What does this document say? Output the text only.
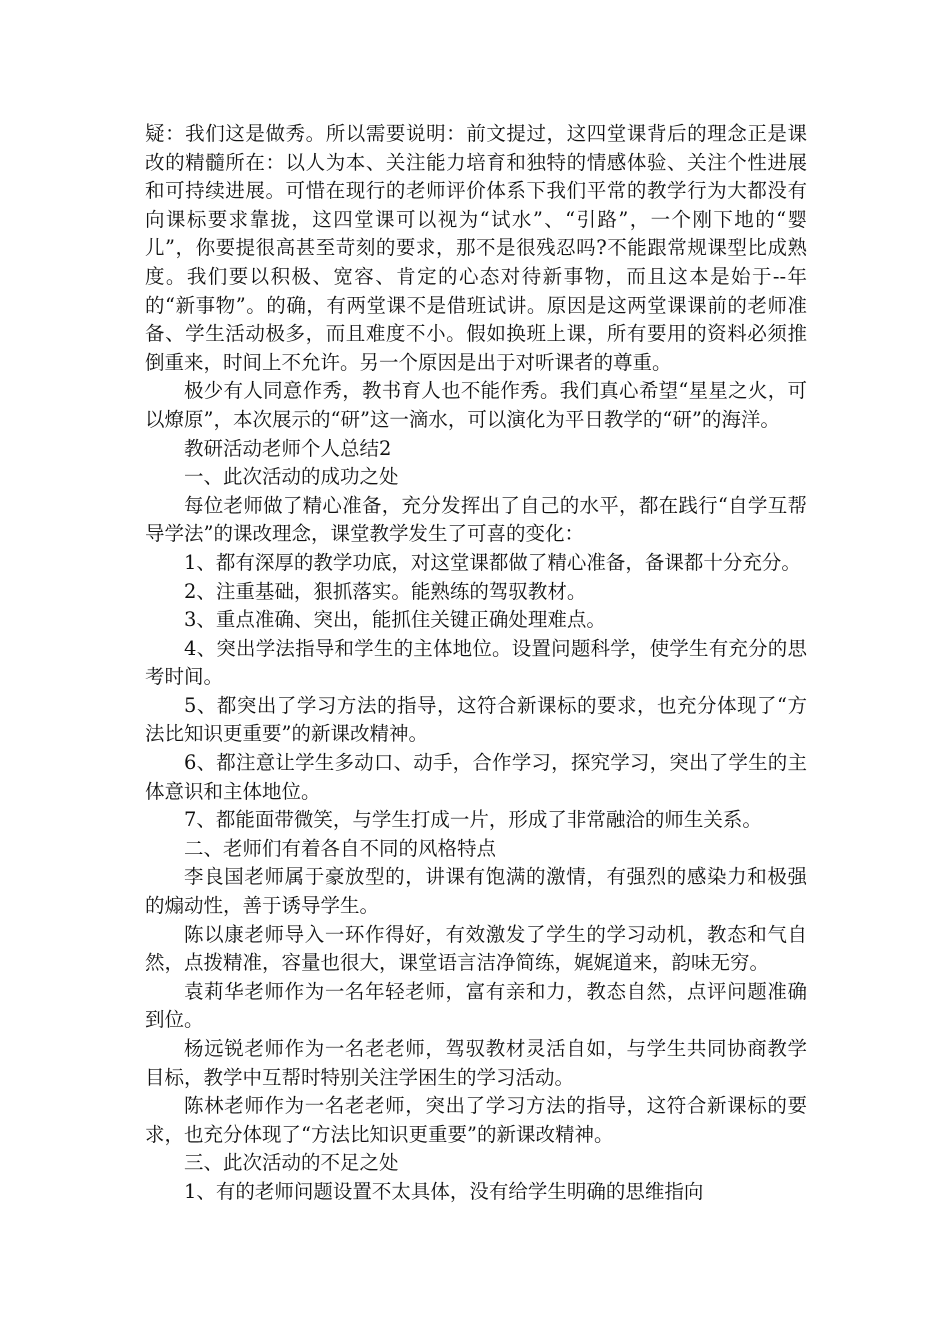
疑：我们这是做秀。所以需要说明：前文提过，这四堂课背后的理念正是课改的精髓所在：以人为本、关注能力培育和独特的情感体验、关注个性进展和可持续进展。可惜在现行的老师评价体系下我们平常的教学行为大都没有向课标要求靠拢，这四堂课可以视为“试水”、“引路”，一个刚下地的“婴儿”，你要提很高甚至苛刻的要求，那不是很残忍吗?不能跟常规课型比成熟度。我们要以积极、宽容、肯定的心态对待新事物，而且这本是始于--年的“新事物”。的确，有两堂课不是借班试讲。原因是这两堂课课前的老师准备、学生活动极多，而且难度不小。假如换班上课，所有要用的资料必须推倒重来，时间上不允许。另一个原因是出于对听课者的尊重。

极少有人同意作秀，教书育人也不能作秀。我们真心希望“星星之火，可以燎原”，本次展示的“研”这一滴水，可以演化为平日教学的“研”的海洋。

教研活动老师个人总结2

一、此次活动的成功之处

每位老师做了精心准备，充分发挥出了自己的水平，都在践行“自学互帮导学法”的课改理念，课堂教学发生了可喜的变化：

1、都有深厚的教学功底，对这堂课都做了精心准备，备课都十分充分。

2、注重基础，狠抓落实。能熟练的驾驭教材。

3、重点准确、突出，能抓住关键正确处理难点。

4、突出学法指导和学生的主体地位。设置问题科学，使学生有充分的思考时间。

5、都突出了学习方法的指导，这符合新课标的要求，也充分体现了“方法比知识更重要”的新课改精神。

6、都注意让学生多动口、动手，合作学习，探究学习，突出了学生的主体意识和主体地位。

7、都能面带微笑，与学生打成一片，形成了非常融洽的师生关系。

二、老师们有着各自不同的风格特点

李良国老师属于豪放型的，讲课有饱满的激情，有强烈的感染力和极强的煽动性，善于诱导学生。

陈以康老师导入一环作得好，有效激发了学生的学习动机，教态和气自然，点拨精准，容量也很大，课堂语言洁净简练，娓娓道来，韵味无穷。

袁莉华老师作为一名年轻老师，富有亲和力，教态自然，点评问题准确到位。

杨远锐老师作为一名老老师，驾驭教材灵活自如，与学生共同协商教学目标，教学中互帮时特别关注学困生的学习活动。

陈林老师作为一名老老师，突出了学习方法的指导，这符合新课标的要求，也充分体现了“方法比知识更重要”的新课改精神。

三、此次活动的不足之处

1、有的老师问题设置不太具体，没有给学生明确的思维指向
